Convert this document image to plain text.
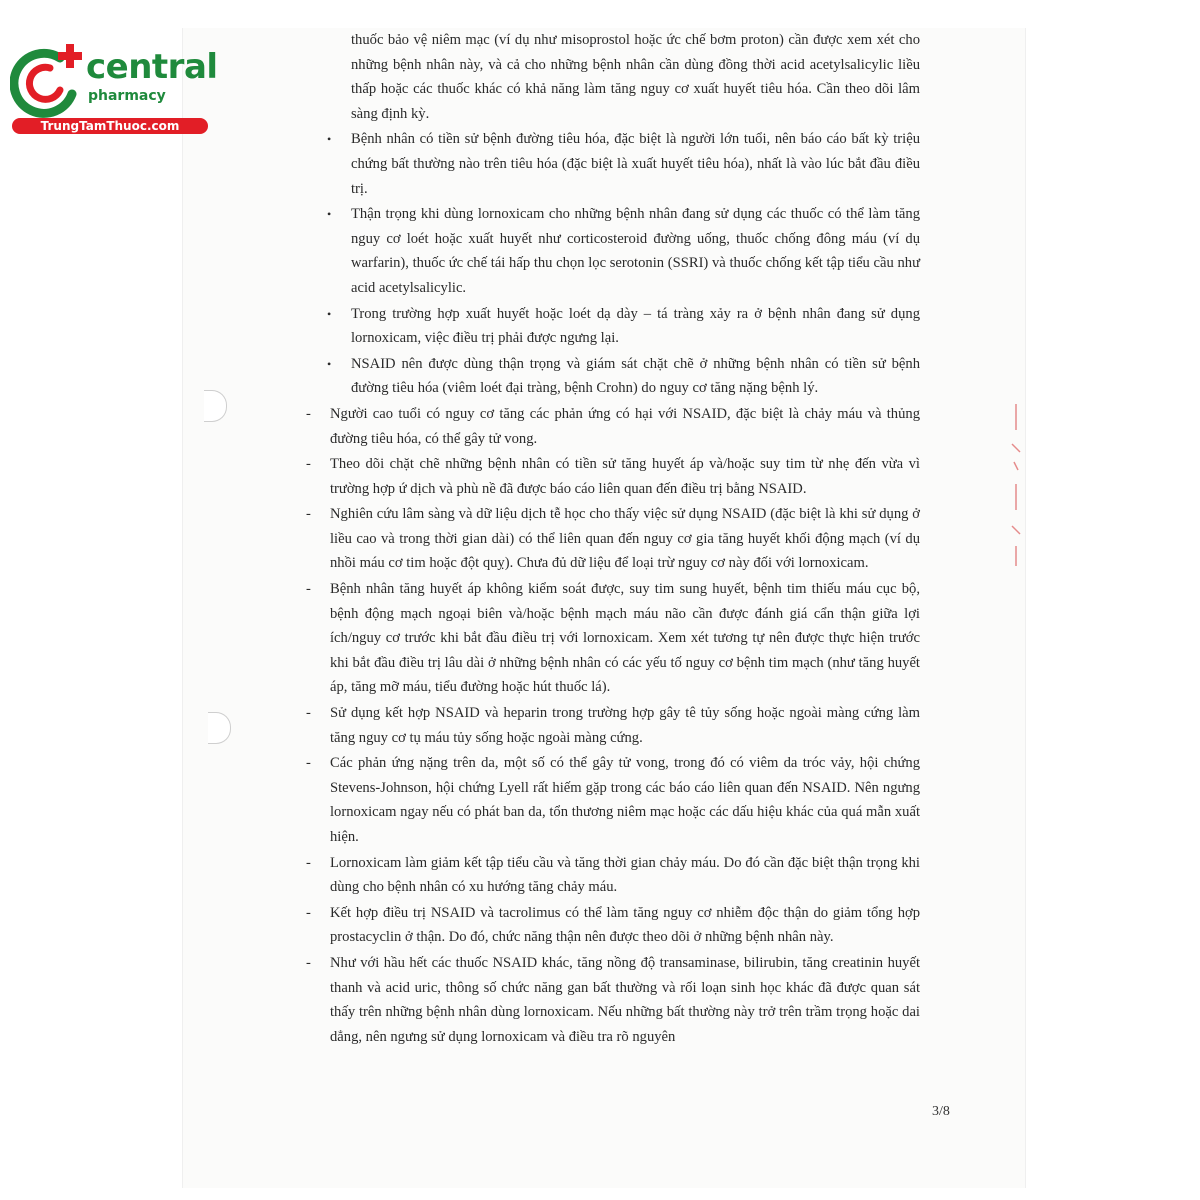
central
pharmacy
TrungTamThuoc.com
thuốc bảo vệ niêm mạc (ví dụ như misoprostol hoặc ức chế bơm proton) cần được xem xét cho những bệnh nhân này, và cả cho những bệnh nhân cần dùng đồng thời acid acetylsalicylic liều thấp hoặc các thuốc khác có khả năng làm tăng nguy cơ xuất huyết tiêu hóa. Cần theo dõi lâm sàng định kỳ.
• Bệnh nhân có tiền sử bệnh đường tiêu hóa, đặc biệt là người lớn tuổi, nên báo cáo bất kỳ triệu chứng bất thường nào trên tiêu hóa (đặc biệt là xuất huyết tiêu hóa), nhất là vào lúc bắt đầu điều trị.
• Thận trọng khi dùng lornoxicam cho những bệnh nhân đang sử dụng các thuốc có thể làm tăng nguy cơ loét hoặc xuất huyết như corticosteroid đường uống, thuốc chống đông máu (ví dụ warfarin), thuốc ức chế tái hấp thu chọn lọc serotonin (SSRI) và thuốc chống kết tập tiểu cầu như acid acetylsalicylic.
• Trong trường hợp xuất huyết hoặc loét dạ dày – tá tràng xảy ra ở bệnh nhân đang sử dụng lornoxicam, việc điều trị phải được ngưng lại.
• NSAID nên được dùng thận trọng và giám sát chặt chẽ ở những bệnh nhân có tiền sử bệnh đường tiêu hóa (viêm loét đại tràng, bệnh Crohn) do nguy cơ tăng nặng bệnh lý.
- Người cao tuổi có nguy cơ tăng các phản ứng có hại với NSAID, đặc biệt là chảy máu và thủng đường tiêu hóa, có thể gây tử vong.
- Theo dõi chặt chẽ những bệnh nhân có tiền sử tăng huyết áp và/hoặc suy tim từ nhẹ đến vừa vì trường hợp ứ dịch và phù nề đã được báo cáo liên quan đến điều trị bằng NSAID.
- Nghiên cứu lâm sàng và dữ liệu dịch tễ học cho thấy việc sử dụng NSAID (đặc biệt là khi sử dụng ở liều cao và trong thời gian dài) có thể liên quan đến nguy cơ gia tăng huyết khối động mạch (ví dụ nhồi máu cơ tim hoặc đột quỵ). Chưa đủ dữ liệu để loại trừ nguy cơ này đối với lornoxicam.
- Bệnh nhân tăng huyết áp không kiểm soát được, suy tim sung huyết, bệnh tim thiếu máu cục bộ, bệnh động mạch ngoại biên và/hoặc bệnh mạch máu não cần được đánh giá cẩn thận giữa lợi ích/nguy cơ trước khi bắt đầu điều trị với lornoxicam. Xem xét tương tự nên được thực hiện trước khi bắt đầu điều trị lâu dài ở những bệnh nhân có các yếu tố nguy cơ bệnh tim mạch (như tăng huyết áp, tăng mỡ máu, tiểu đường hoặc hút thuốc lá).
- Sử dụng kết hợp NSAID và heparin trong trường hợp gây tê tủy sống hoặc ngoài màng cứng làm tăng nguy cơ tụ máu tủy sống hoặc ngoài màng cứng.
- Các phản ứng nặng trên da, một số có thể gây tử vong, trong đó có viêm da tróc vảy, hội chứng Stevens-Johnson, hội chứng Lyell rất hiếm gặp trong các báo cáo liên quan đến NSAID. Nên ngưng lornoxicam ngay nếu có phát ban da, tổn thương niêm mạc hoặc các dấu hiệu khác của quá mẫn xuất hiện.
- Lornoxicam làm giảm kết tập tiểu cầu và tăng thời gian chảy máu. Do đó cần đặc biệt thận trọng khi dùng cho bệnh nhân có xu hướng tăng chảy máu.
- Kết hợp điều trị NSAID và tacrolimus có thể làm tăng nguy cơ nhiễm độc thận do giảm tổng hợp prostacyclin ở thận. Do đó, chức năng thận nên được theo dõi ở những bệnh nhân này.
- Như với hầu hết các thuốc NSAID khác, tăng nồng độ transaminase, bilirubin, tăng creatinin huyết thanh và acid uric, thông số chức năng gan bất thường và rối loạn sinh học khác đã được quan sát thấy trên những bệnh nhân dùng lornoxicam. Nếu những bất thường này trở trên trầm trọng hoặc dai dẳng, nên ngưng sử dụng lornoxicam và điều tra rõ nguyên
3/8
